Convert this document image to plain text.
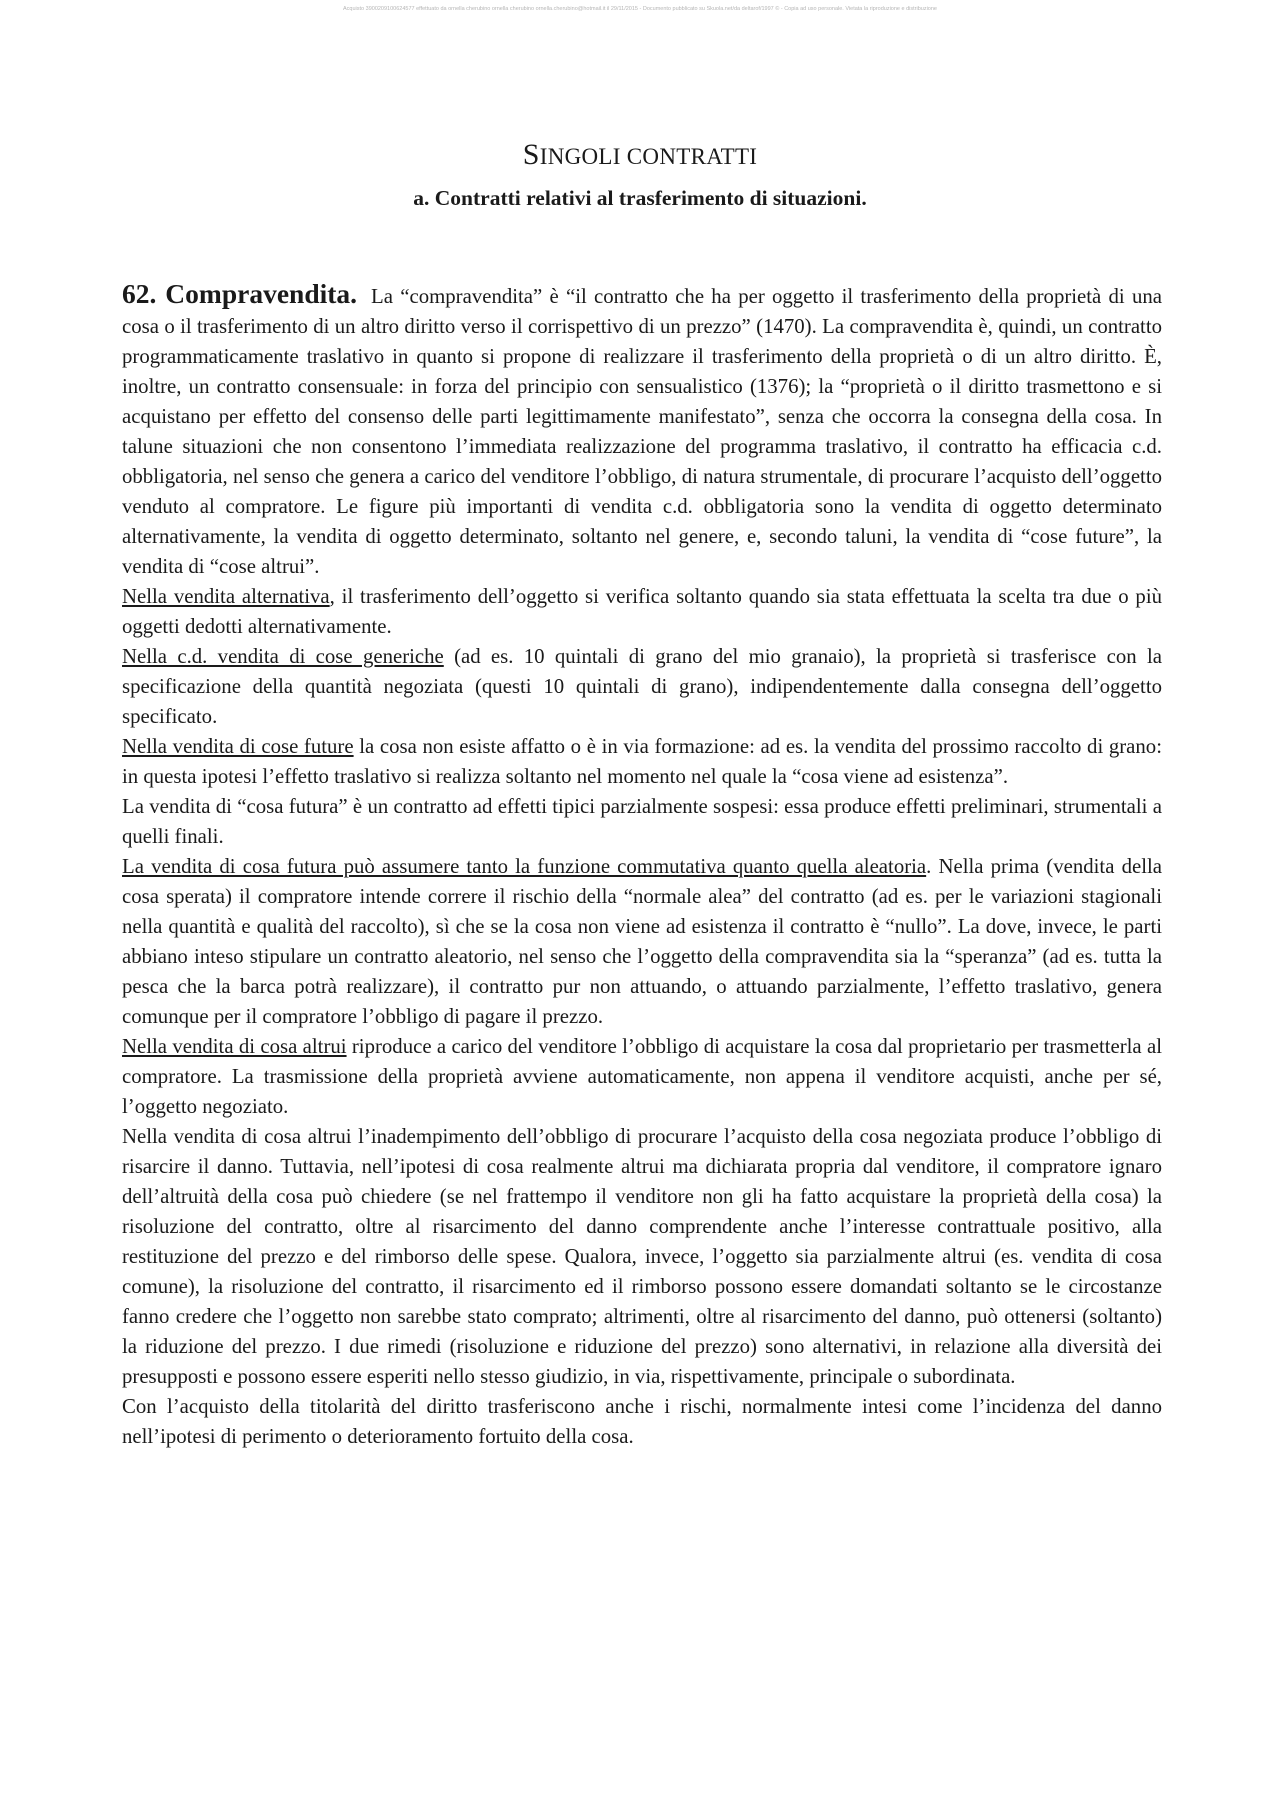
Acquisto 3900209100624577 effettuato da ornella cherubino ornella cherubino ornella.cherubino@hotmail.it il 29/11/2015 - Documento pubblicato su Skuola.net/da deltarof/1997 © - Copia ad uso personale. Vietata la riproduzione e distribuzione
SINGOLI CONTRATTI
a. Contratti relativi al trasferimento di situazioni.

62. Compravendita. La “compravendita” è “il contratto che ha per oggetto il trasferimento della proprietà di una cosa o il trasferimento di un altro diritto verso il corrispettivo di un prezzo” (1470). La compravendita è, quindi, un contratto programmaticamente traslativo in quanto si propone di realizzare il trasferimento della proprietà o di un altro diritto. È, inoltre, un contratto consensuale: in forza del principio con sensualistico (1376); la “proprietà o il diritto trasmettono e si acquistano per effetto del consenso delle parti legittimamente manifestato”, senza che occorra la consegna della cosa. In talune situazioni che non consentono l’immediata realizzazione del programma traslativo, il contratto ha efficacia c.d. obbligatoria, nel senso che genera a carico del venditore l’obbligo, di natura strumentale, di procurare l’acquisto dell’oggetto venduto al compratore. Le figure più importanti di vendita c.d. obbligatoria sono la vendita di oggetto determinato alternativamente, la vendita di oggetto determinato, soltanto nel genere, e, secondo taluni, la vendita di “cose future”, la vendita di “cose altrui”.

Nella vendita alternativa, il trasferimento dell’oggetto si verifica soltanto quando sia stata effettuata la scelta tra due o più oggetti dedotti alternativamente.

Nella c.d. vendita di cose generiche (ad es. 10 quintali di grano del mio granaio), la proprietà si trasferisce con la specificazione della quantità negoziata (questi 10 quintali di grano), indipendentemente dalla consegna dell’oggetto specificato.

Nella vendita di cose future la cosa non esiste affatto o è in via formazione: ad es. la vendita del prossimo raccolto di grano: in questa ipotesi l’effetto traslativo si realizza soltanto nel momento nel quale la “cosa viene ad esistenza”.

La vendita di “cosa futura” è un contratto ad effetti tipici parzialmente sospesi: essa produce effetti preliminari, strumentali a quelli finali.

La vendita di cosa futura può assumere tanto la funzione commutativa quanto quella aleatoria. Nella prima (vendita della cosa sperata) il compratore intende correre il rischio della “normale alea” del contratto (ad es. per le variazioni stagionali nella quantità e qualità del raccolto), sì che se la cosa non viene ad esistenza il contratto è “nullo”. La dove, invece, le parti abbiano inteso stipulare un contratto aleatorio, nel senso che l’oggetto della compravendita sia la “speranza” (ad es. tutta la pesca che la barca potrà realizzare), il contratto pur non attuando, o attuando parzialmente, l’effetto traslativo, genera comunque per il compratore l’obbligo di pagare il prezzo.

Nella vendita di cosa altrui riproduce a carico del venditore l’obbligo di acquistare la cosa dal proprietario per trasmetterla al compratore. La trasmissione della proprietà avviene automaticamente, non appena il venditore acquisti, anche per sé, l’oggetto negoziato.

Nella vendita di cosa altrui l’inadempimento dell’obbligo di procurare l’acquisto della cosa negoziata produce l’obbligo di risarcire il danno. Tuttavia, nell’ipotesi di cosa realmente altrui ma dichiarata propria dal venditore, il compratore ignaro dell’altruità della cosa può chiedere (se nel frattempo il venditore non gli ha fatto acquistare la proprietà della cosa) la risoluzione del contratto, oltre al risarcimento del danno comprendente anche l’interesse contrattuale positivo, alla restituzione del prezzo e del rimborso delle spese. Qualora, invece, l’oggetto sia parzialmente altrui (es. vendita di cosa comune), la risoluzione del contratto, il risarcimento ed il rimborso possono essere domandati soltanto se le circostanze fanno credere che l’oggetto non sarebbe stato comprato; altrimenti, oltre al risarcimento del danno, può ottenersi (soltanto) la riduzione del prezzo. I due rimedi (risoluzione e riduzione del prezzo) sono alternativi, in relazione alla diversità dei presupposti e possono essere esperiti nello stesso giudizio, in via, rispettivamente, principale o subordinata.

Con l’acquisto della titolarità del diritto trasferiscono anche i rischi, normalmente intesi come l’incidenza del danno nell’ipotesi di perimento o deterioramento fortuito della cosa.
